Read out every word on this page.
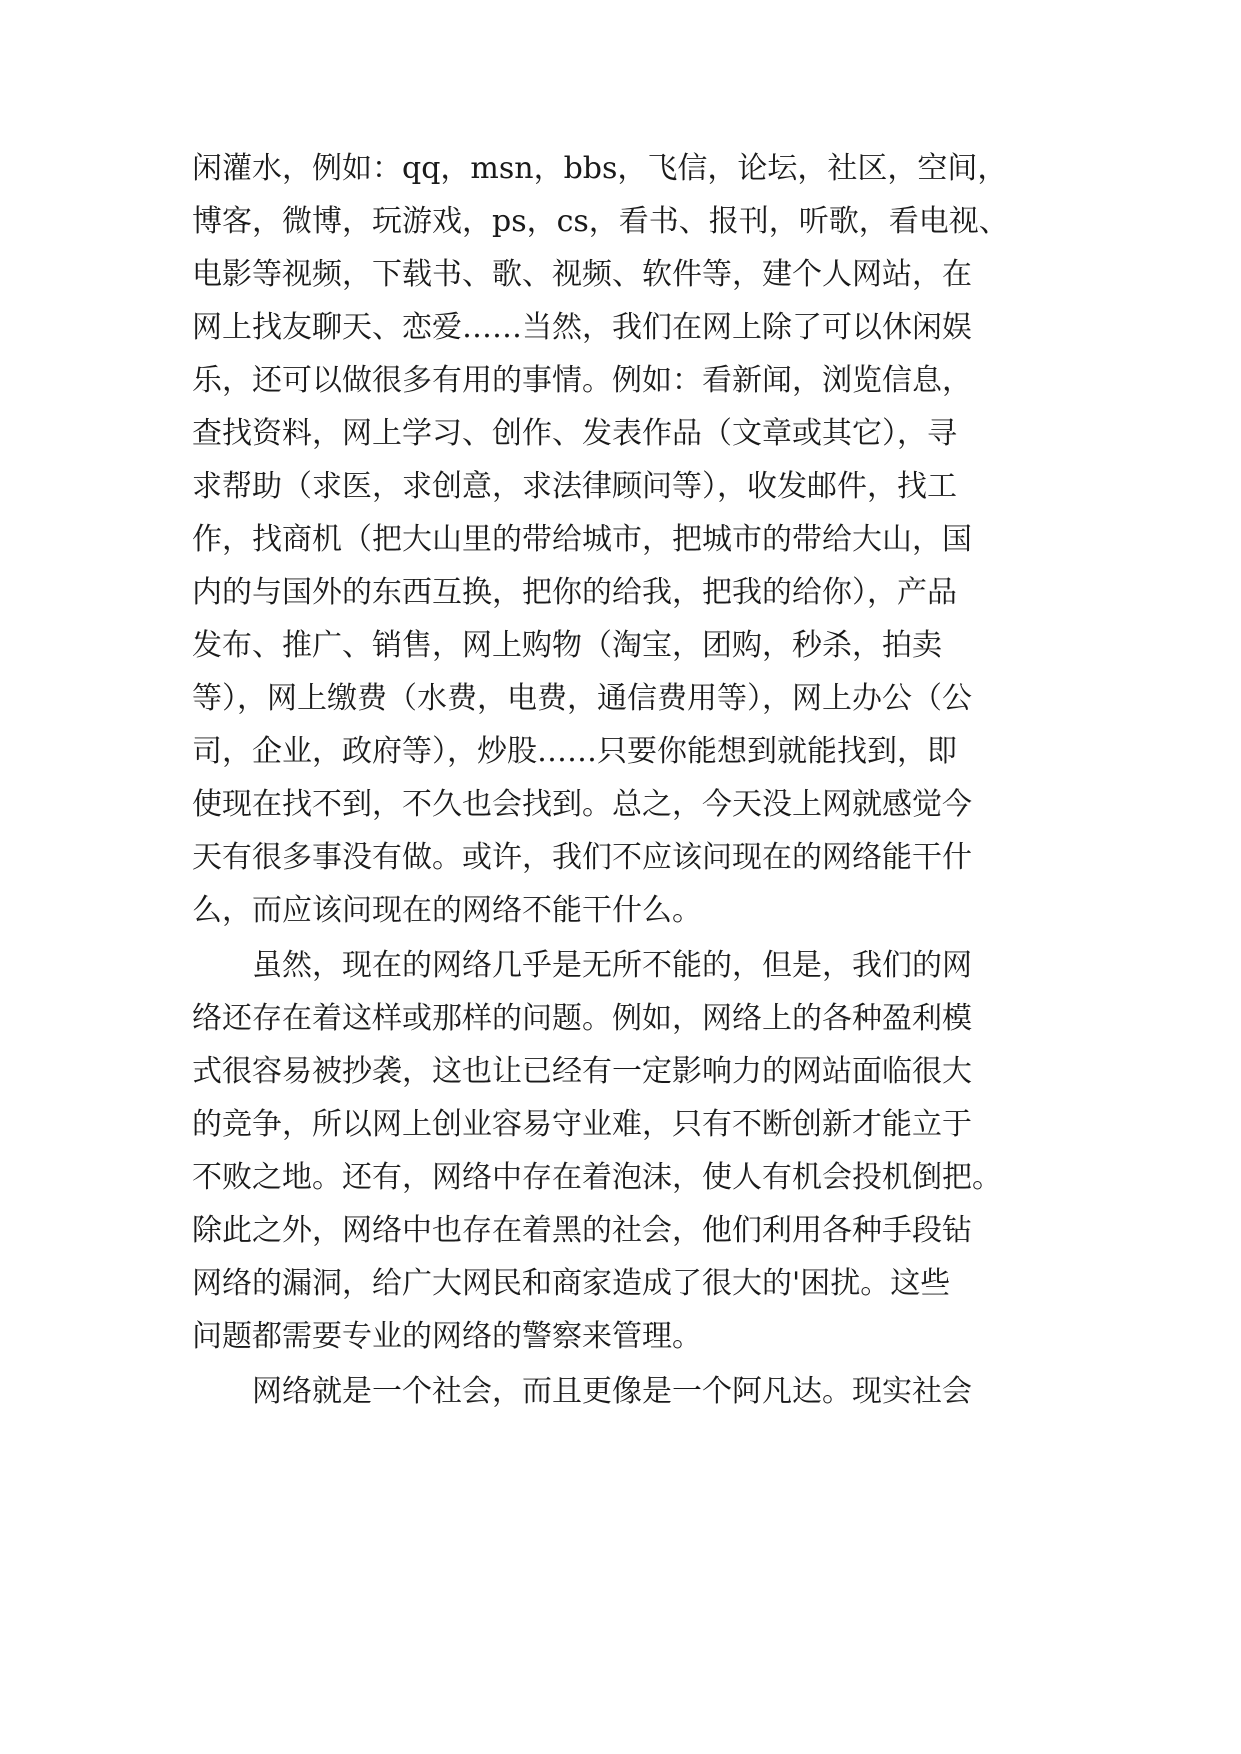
闲灌水，例如：qq，msn，bbs，飞信，论坛，社区，空间，
博客，微博，玩游戏，ps，cs，看书、报刊，听歌，看电视、
电影等视频，下载书、歌、视频、软件等，建个人网站，在
网上找友聊天、恋爱……当然，我们在网上除了可以休闲娱
乐，还可以做很多有用的事情。例如：看新闻，浏览信息，
查找资料，网上学习、创作、发表作品（文章或其它），寻
求帮助（求医，求创意，求法律顾问等），收发邮件，找工
作，找商机（把大山里的带给城市，把城市的带给大山，国
内的与国外的东西互换，把你的给我，把我的给你），产品
发布、推广、销售，网上购物（淘宝，团购，秒杀，拍卖
等），网上缴费（水费，电费，通信费用等），网上办公（公
司，企业，政府等），炒股……只要你能想到就能找到，即
使现在找不到，不久也会找到。总之，今天没上网就感觉今
天有很多事没有做。或许，我们不应该问现在的网络能干什
么，而应该问现在的网络不能干什么。
　　虽然，现在的网络几乎是无所不能的，但是，我们的网
络还存在着这样或那样的问题。例如，网络上的各种盈利模
式很容易被抄袭，这也让已经有一定影响力的网站面临很大
的竞争，所以网上创业容易守业难，只有不断创新才能立于
不败之地。还有，网络中存在着泡沫，使人有机会投机倒把。
除此之外，网络中也存在着黑的社会，他们利用各种手段钻
网络的漏洞，给广大网民和商家造成了很大的'困扰。这些
问题都需要专业的网络的警察来管理。
　　网络就是一个社会，而且更像是一个阿凡达。现实社会
